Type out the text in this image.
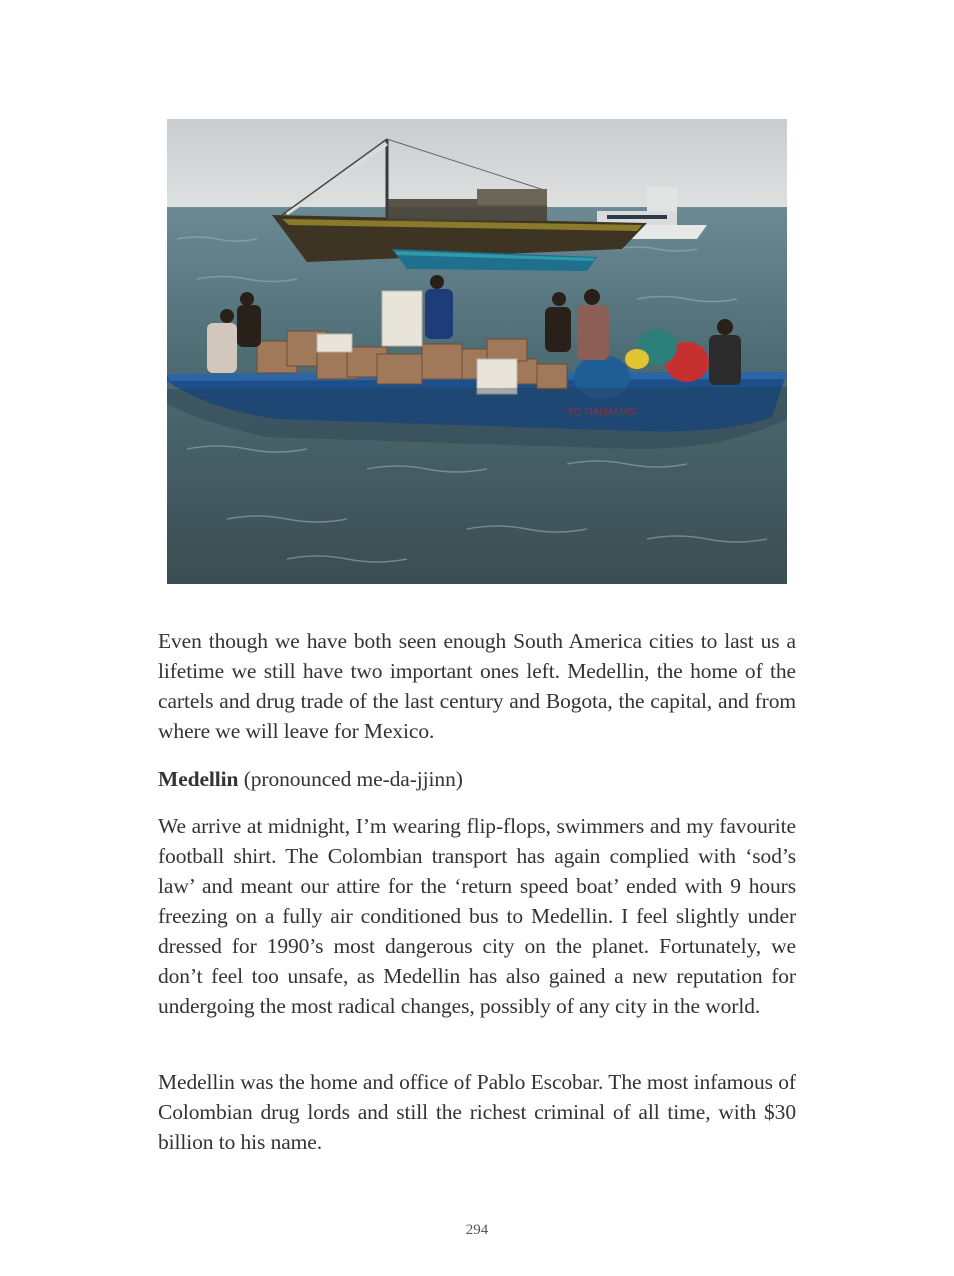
YO MAMAMAS

Even though we have both seen enough South America cities to last us a lifetime we still have two important ones left. Medellin, the home of the cartels and drug trade of the last century and Bogota, the capital, and from where we will leave for Mexico.

Medellin (pronounced me-da-jjinn)

We arrive at midnight, I’m wearing flip-flops, swimmers and my favourite football shirt. The Colombian transport has again complied with ‘sod’s law’ and meant our attire for the ‘return speed boat’ ended with 9 hours freezing on a fully air conditioned bus to Medellin. I feel slightly under dressed for 1990’s most dangerous city on the planet. Fortunately, we don’t feel too unsafe, as Medellin has also gained a new reputation for undergoing the most radical changes, possibly of any city in the world.

Medellin was the home and office of Pablo Escobar. The most infamous of Colombian drug lords and still the richest criminal of all time, with $30 billion to his name.

294
